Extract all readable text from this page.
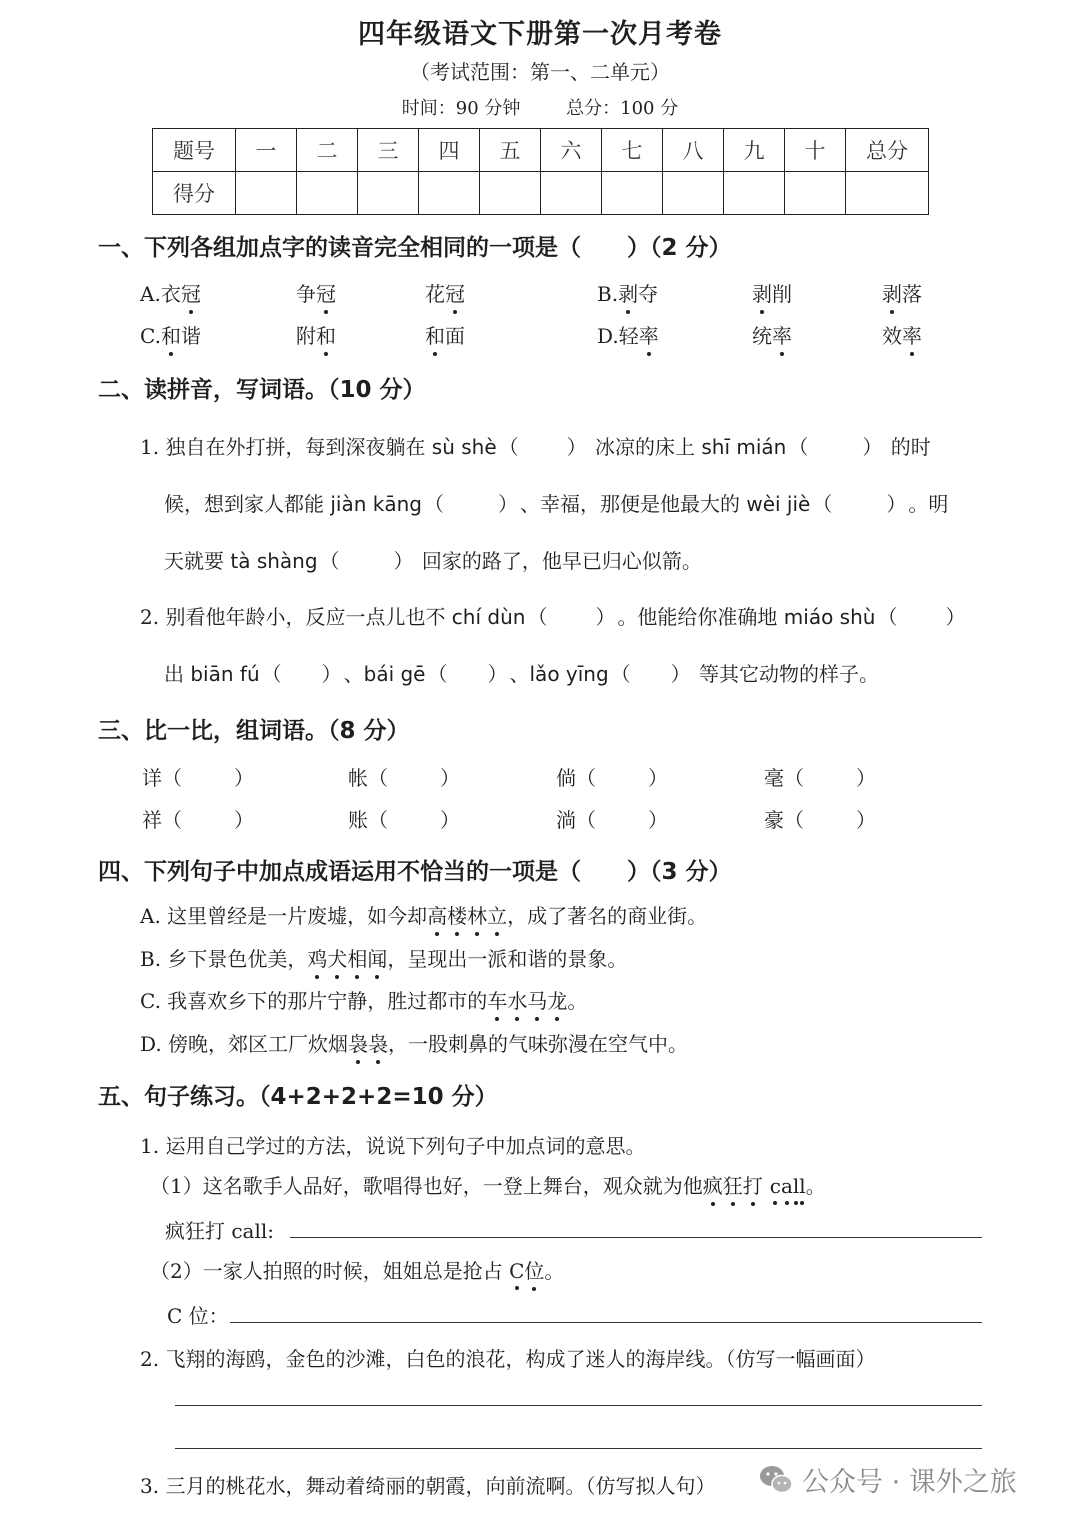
四年级语文下册第一次月考卷
（考试范围：第一、二单元）
时间：90 分钟	总分：100 分
题号	一	二	三	四	五	六	七	八	九	十	总分
得分											
一、下列各组加点字的读音完全相同的一项是（　　）（2 分）
A.衣冠	争冠	花冠	B.剥夺	剥削	剥落
C.和谐	附和	和面	D.轻率	统率	效率
二、读拼音，写词语。（10 分）
1. 独自在外打拼，每到深夜躺在 sù shè （ ） 冰凉的床上 shī mián （	） 的时
候，想到家人都能 jiàn kāng （	） 、幸福，那便是他最大的 wèi jiè （	） 。明
天就要 tà shàng （	） 回家的路了，他早已归心似箭。
2. 别看他年龄小，反应一点儿也不 chí dùn （ ） 。他能给你准确地 miáo shù （ ）
出 biān fú （ ） 、bái gē （ ） 、lǎo yīng （ ） 等其它动物的样子。
三、比一比，组词语。（8 分）
详（	）	帐（	）	倘（	）	毫（	）
祥（	）	账（	）	淌（	）	豪（	）
四、下列句子中加点成语运用不恰当的一项是（　　）（3 分）
A. 这里曾经是一片废墟，如今却高楼林立，成了著名的商业街。
B. 乡下景色优美，鸡犬相闻，呈现出一派和谐的景象。
C. 我喜欢乡下的那片宁静，胜过都市的车水马龙。
D. 傍晚，郊区工厂炊烟袅袅，一股刺鼻的气味弥漫在空气中。
五、句子练习。（4+2+2+2=10 分）
1. 运用自己学过的方法，说说下列句子中加点词的意思。
（1）这名歌手人品好，歌唱得也好，一登上舞台，观众就为他疯狂打 call。
疯狂打 call:
（2）一家人拍照的时候，姐姐总是抢占 C位。
C 位：
2. 飞翔的海鸥，金色的沙滩，白色的浪花，构成了迷人的海岸线。（仿写一幅画面）
3. 三月的桃花水，舞动着绮丽的朝霞，向前流啊。（仿写拟人句）	公众号 · 课外之旅
